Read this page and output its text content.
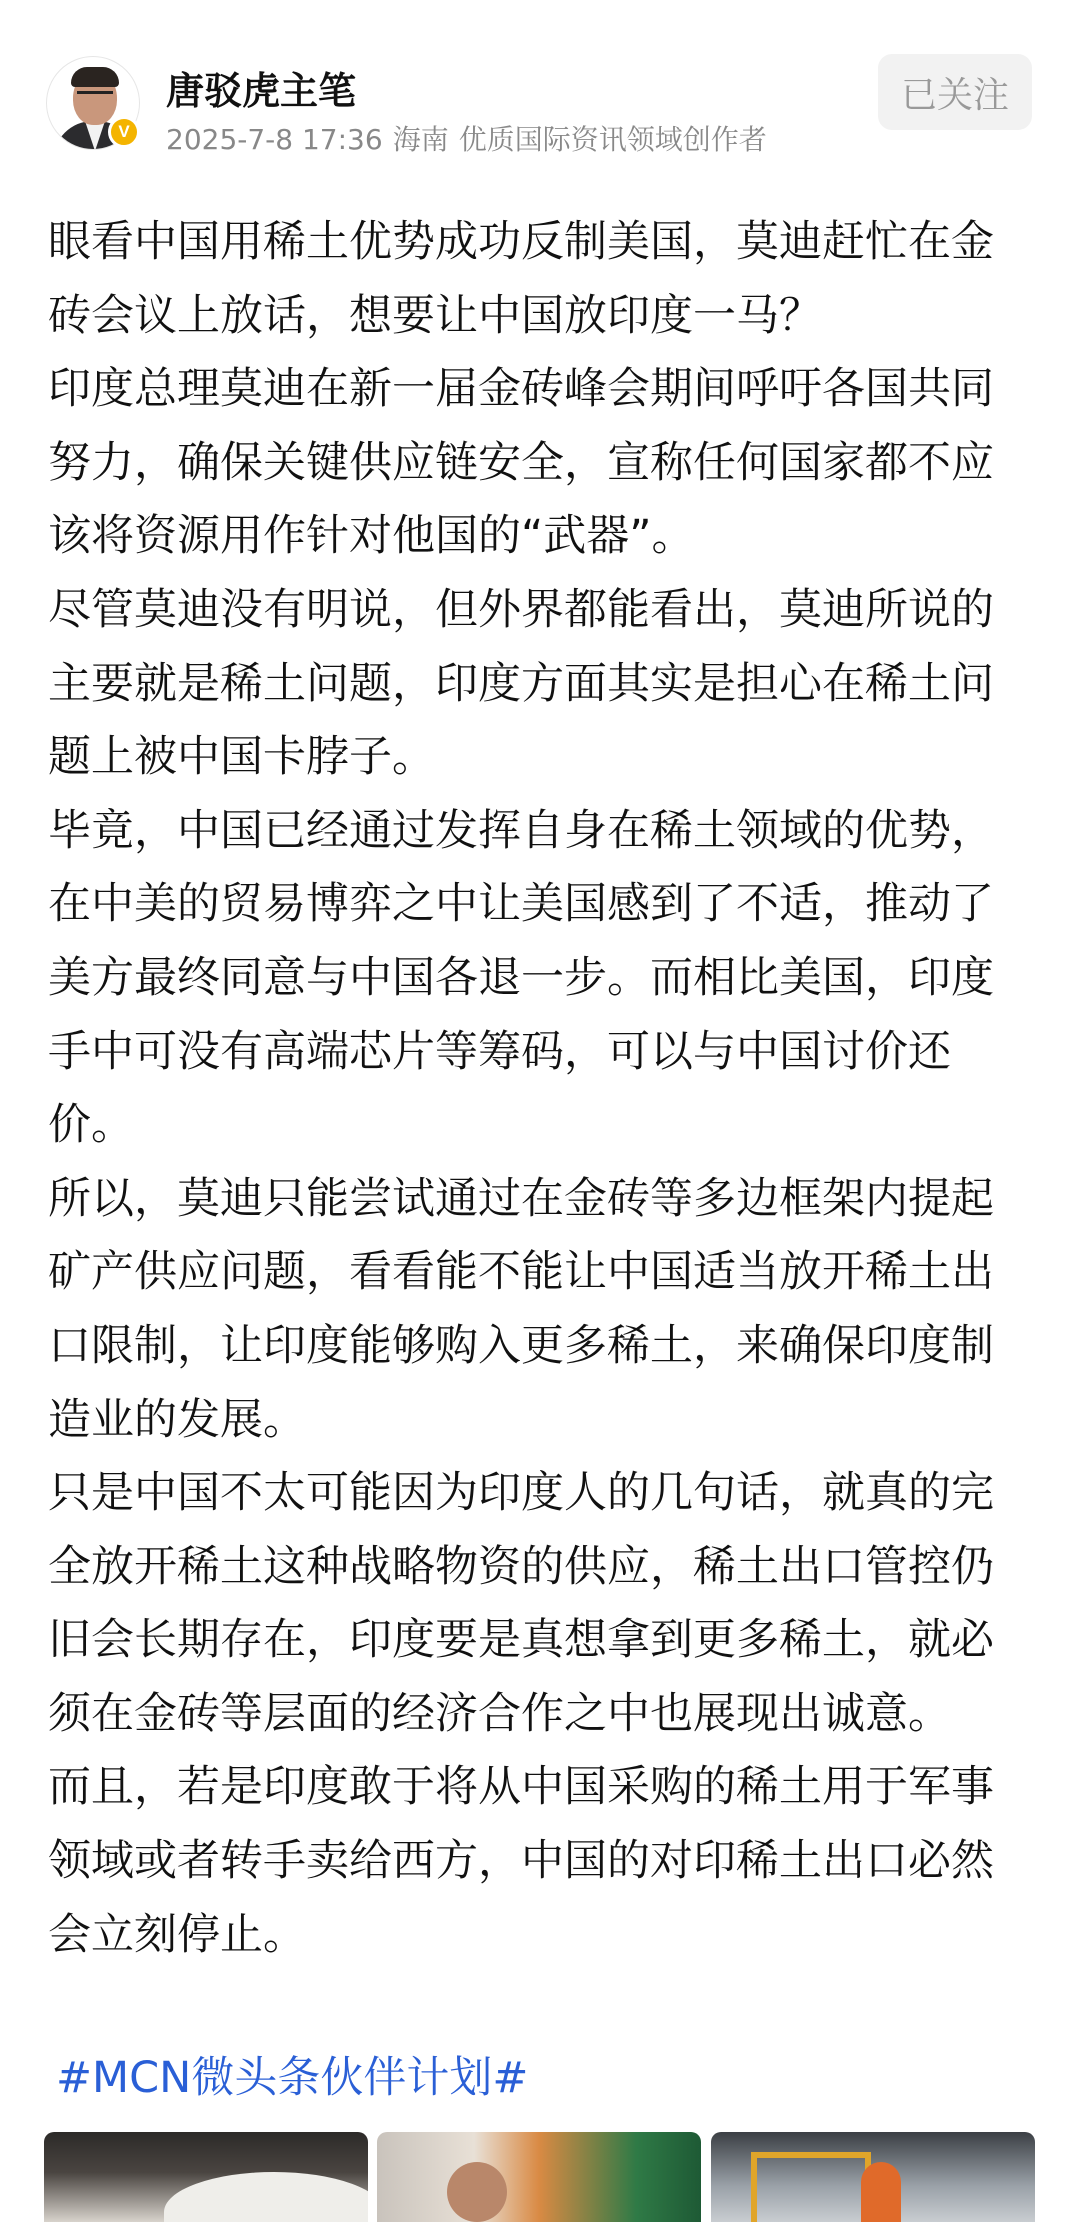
V
唐驳虎主笔
2025-7-8 17:36 海南 优质国际资讯领域创作者
已关注

眼看中国用稀土优势成功反制美国，莫迪赶忙在金砖会议上放话，想要让中国放印度一马？

印度总理莫迪在新一届金砖峰会期间呼吁各国共同努力，确保关键供应链安全，宣称任何国家都不应该将资源用作针对他国的“武器”。

尽管莫迪没有明说，但外界都能看出，莫迪所说的主要就是稀土问题，印度方面其实是担心在稀土问题上被中国卡脖子。

毕竟，中国已经通过发挥自身在稀土领域的优势，在中美的贸易博弈之中让美国感到了不适，推动了美方最终同意与中国各退一步。而相比美国，印度手中可没有高端芯片等筹码，可以与中国讨价还价。

所以，莫迪只能尝试通过在金砖等多边框架内提起矿产供应问题，看看能不能让中国适当放开稀土出口限制，让印度能够购入更多稀土，来确保印度制造业的发展。

只是中国不太可能因为印度人的几句话，就真的完全放开稀土这种战略物资的供应，稀土出口管控仍旧会长期存在，印度要是真想拿到更多稀土，就必须在金砖等层面的经济合作之中也展现出诚意。

而且，若是印度敢于将从中国采购的稀土用于军事领域或者转手卖给西方，中国的对印稀土出口必然会立刻停止。

#MCN微头条伙伴计划#
